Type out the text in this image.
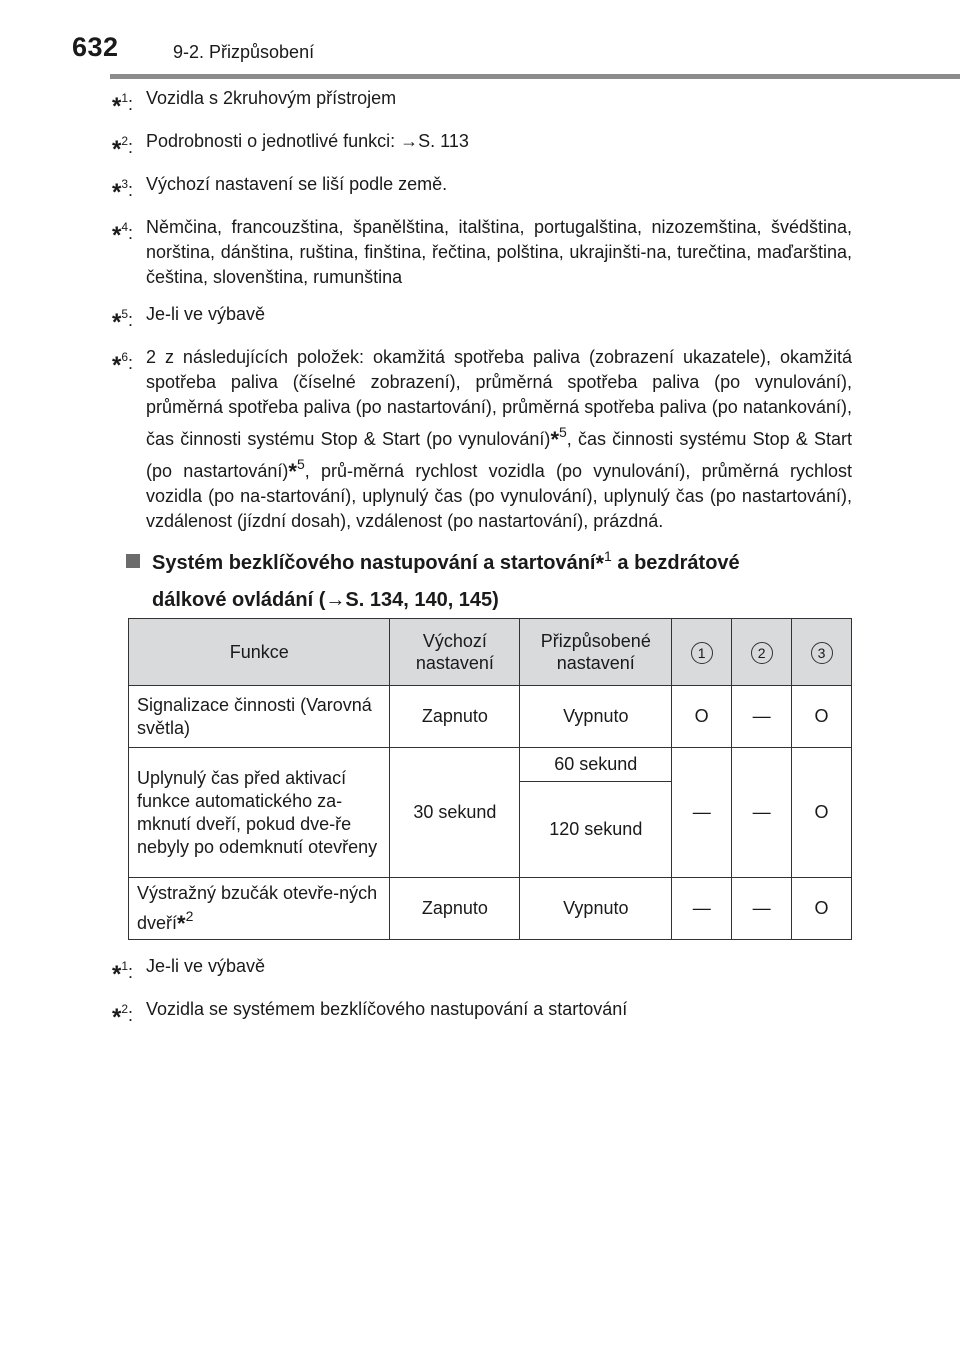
632	9-2. Přizpůsobení
*$^1$: Vozidla s 2kruhovým přístrojem
*$^2$: Podrobnosti o jednotlivé funkci: →S. 113
*$^3$: Výchozí nastavení se liší podle země.
*$^4$: Němčina, francouzština, španělština, italština, portugalština, nizozemština, švédština, norština, dánština, ruština, finština, řečtina, polština, ukrajinšti-na, turečtina, maďarština, čeština, slovenština, rumunština
*$^5$: Je-li ve výbavě
*$^6$: 2 z následujících položek: okamžitá spotřeba paliva (zobrazení ukazatele), okamžitá spotřeba paliva (číselné zobrazení), průměrná spotřeba paliva (po vynulování), průměrná spotřeba paliva (po nastartování), průměrná spotřeba paliva (po natankování), čas činnosti systému Stop & Start (po vynulování)*$^5$, čas činnosti systému Stop & Start (po nastartování)*$^5$, prů-měrná rychlost vozidla (po vynulování), průměrná rychlost vozidla (po na-startování), uplynulý čas (po vynulování), uplynulý čas (po nastartování), vzdálenost (jízdní dosah), vzdálenost (po nastartování), prázdná.
Systém bezklíčového nastupování a startování*$^1$ a bezdrátové
dálkové ovládání (→S. 134, 140, 145)
Funkce	Výchozí nastavení	Přizpůsobené nastavení	1	2	3
Signalizace činnosti (Varovná světla)	Zapnuto	Vypnuto	O	—	O
Uplynulý čas před aktivací funkce automatického za-mknutí dveří, pokud dve-ře nebyly po odemknutí otevřeny	30 sekund	60 sekund	—	—	O
		120 sekund			
Výstražný bzučák otevře-ných dveří*$^2$	Zapnuto	Vypnuto	—	—	O
*$^1$: Je-li ve výbavě
*$^2$: Vozidla se systémem bezklíčového nastupování a startování
